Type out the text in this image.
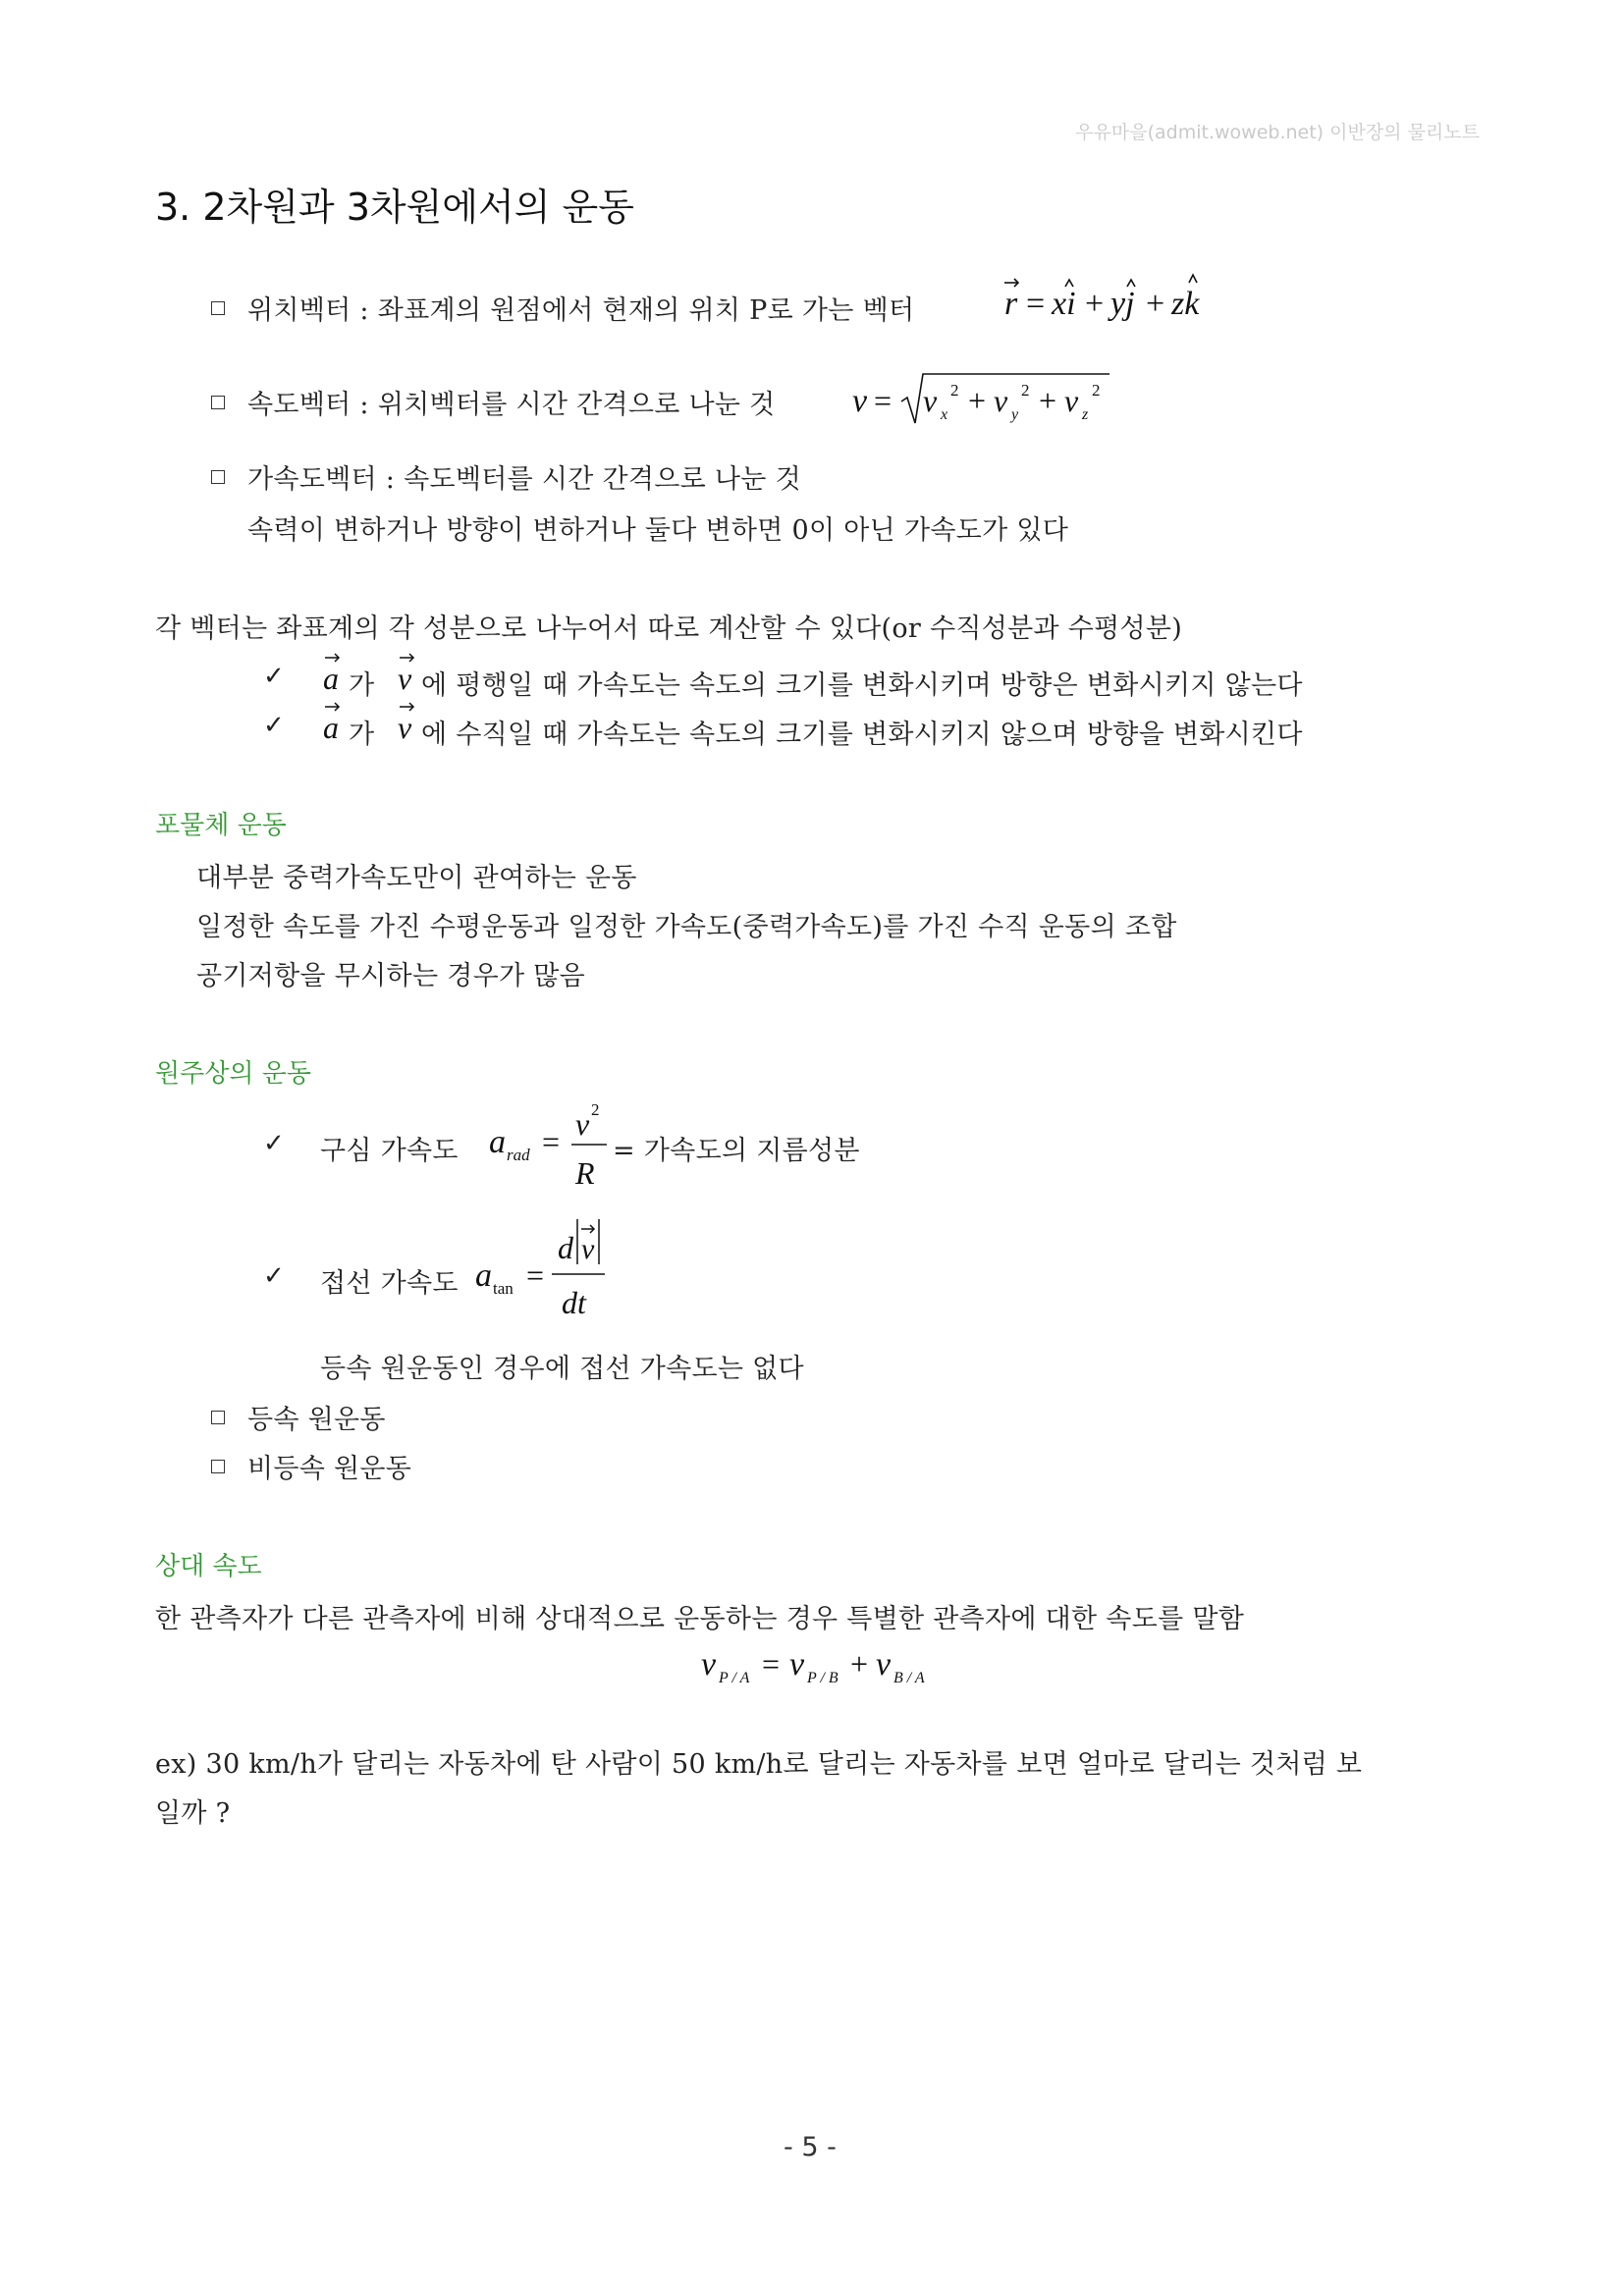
우유마을(admit.woweb.net) 이반장의 물리노트
3. 2차원과 3차원에서의 운동
위치벡터 : 좌표계의 원점에서 현재의 위치 P로 가는 벡터	r = xi + yj + zk
속도벡터 : 위치벡터를 시간 간격으로 나눈 것 v = v x
2 + v y
2 + v z
2
가속도벡터 : 속도벡터를 시간 간격으로 나눈 것
속력이 변하거나 방향이 변하거나 둘다 변하면 0이 아닌 가속도가 있다
각 벡터는 좌표계의 각 성분으로 나누어서 따로 계산할 수 있다(or 수직성분과 수평성분)
✓ a 가 v 에 평행일 때 가속도는 속도의 크기를 변화시키며 방향은 변화시키지 않는다
✓ a 가 v 에 수직일 때 가속도는 속도의 크기를 변화시키지 않으며 방향을 변화시킨다
포물체 운동
대부분 중력가속도만이 관여하는 운동
일정한 속도를 가진 수평운동과 일정한 가속도(중력가속도)를 가진 수직 운동의 조합
공기저항을 무시하는 경우가 많음
원주상의 운동
✓ 구심 가속도 a rad = v 2
R
= 가속도의 지름성분
✓ 접선 가속도 a tan =
d v
dt
등속 원운동인 경우에 접선 가속도는 없다
등속 원운동
비등속 원운동
상대 속도
한 관측자가 다른 관측자에 비해 상대적으로 운동하는 경우 특별한 관측자에 대한 속도를 말함
v P / A = v P / B + v B / A
ex) 30 km/h가 달리는 자동차에 탄 사람이 50 km/h로 달리는 자동차를 보면 얼마로 달리는 것처럼 보
일까 ?
- 5 -
